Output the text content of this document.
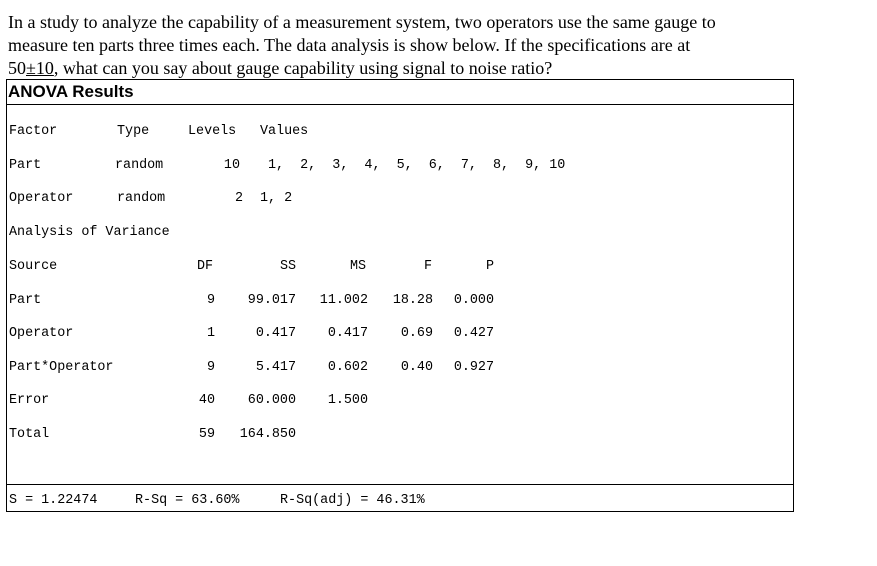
In a study to analyze the capability of a measurement system, two operators use the same gauge to
measure ten parts three times each. The data analysis is show below. If the specifications are at
50±10, what can you say about gauge capability using signal to noise ratio?
ANOVA Results
Factor	Type	Levels Values
Part	random	10 1,  2,  3,  4,  5,  6,  7,  8,  9, 10
Operator	random	2 1, 2
Analysis of Variance
Source	DF	SS	MS	F	P
Part	9	99.017	11.002	18.28	0.000
Operator	1	0.417	0.417	0.69	0.427
Part*Operator	9	5.417	0.602	0.40	0.927
Error	40	60.000	1.500
Total	59	164.850
S = 1.22474	R-Sq = 63.60%	R-Sq(adj) = 46.31%
